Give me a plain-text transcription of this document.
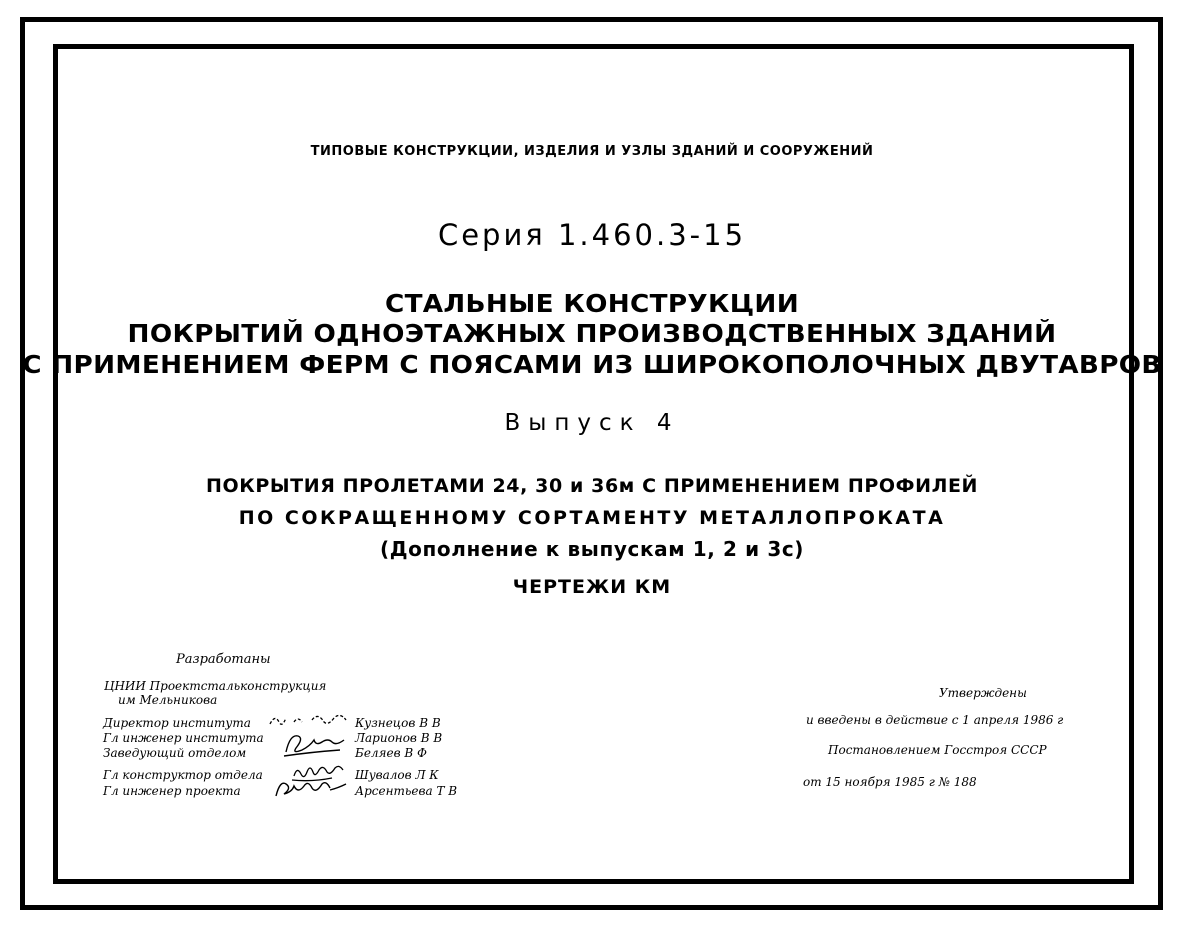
ТИПОВЫЕ КОНСТРУКЦИИ, ИЗДЕЛИЯ И УЗЛЫ ЗДАНИЙ И СООРУЖЕНИЙ
Серия 1.460.3-15
СТАЛЬНЫЕ КОНСТРУКЦИИ
ПОКРЫТИЙ ОДНОЭТАЖНЫХ ПРОИЗВОДСТВЕННЫХ ЗДАНИЙ
С ПРИМЕНЕНИЕМ ФЕРМ С ПОЯСАМИ ИЗ ШИРОКОПОЛОЧНЫХ ДВУТАВРОВ
Выпуск 4
ПОКРЫТИЯ ПРОЛЕТАМИ 24, 30 и 36м С ПРИМЕНЕНИЕМ ПРОФИЛЕЙ
ПО СОКРАЩЕННОМУ СОРТАМЕНТУ МЕТАЛЛОПРОКАТА
(Дополнение к выпускам 1, 2 и 3с)
ЧЕРТЕЖИ КМ
Разработаны
ЦНИИ Проектстальконструкция
им Мельникова
Директор института	Кузнецов В В
Гл инженер института	Ларионов В В
Заведующий отделом	Беляев В Ф
Гл конструктор отдела	Шувалов Л К
Гл инженер проекта	Арсентьева Т В
Утверждены
и введены в действие с 1 апреля 1986 г
Постановлением Госстроя СССР
от 15 ноября 1985 г № 188
